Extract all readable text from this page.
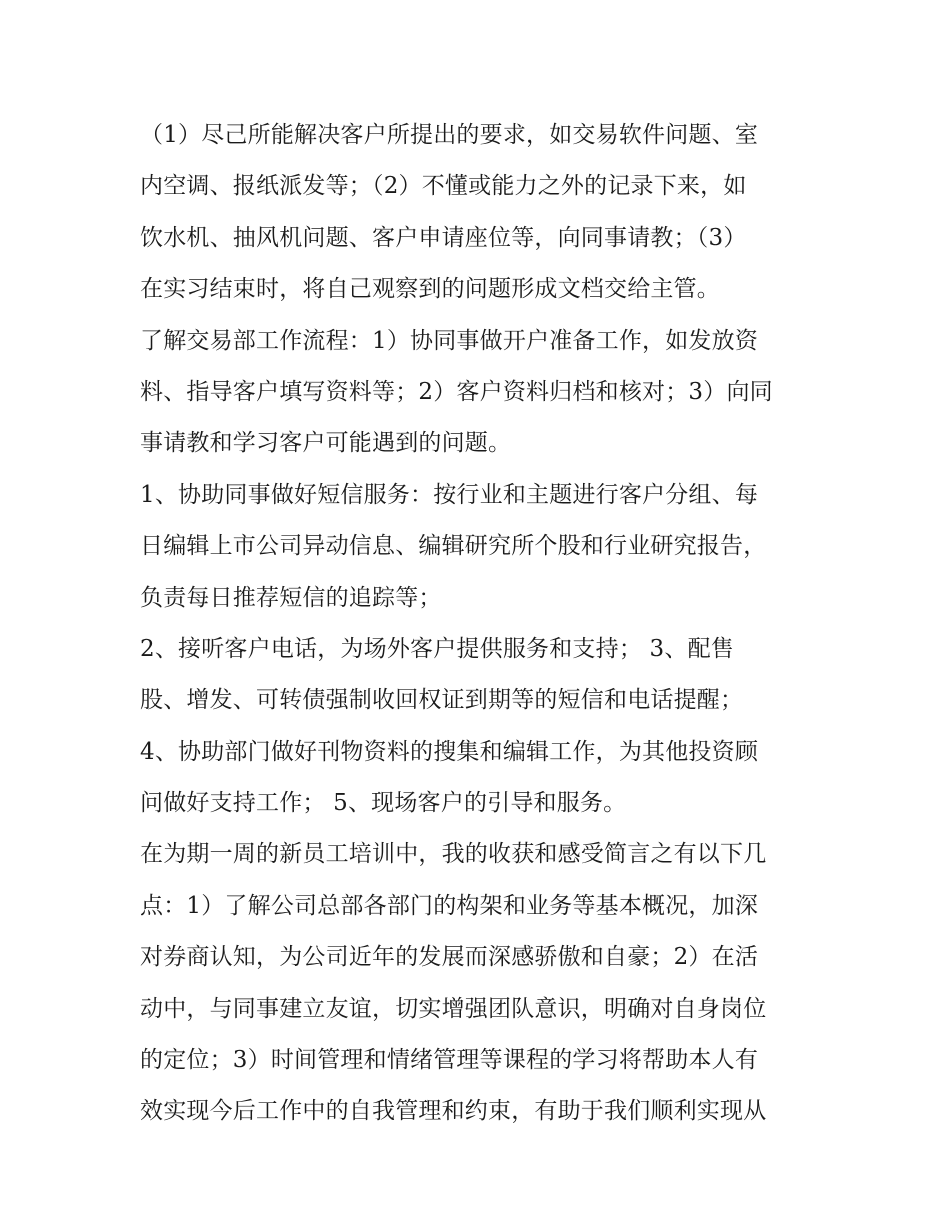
（1）尽己所能解决客户所提出的要求，如交易软件问题、室
内空调、报纸派发等；（2）不懂或能力之外的记录下来，如
饮水机、抽风机问题、客户申请座位等，向同事请教；（3）
在实习结束时，将自己观察到的问题形成文档交给主管。
了解交易部工作流程：1）协同事做开户准备工作，如发放资
料、指导客户填写资料等；2）客户资料归档和核对；3）向同
事请教和学习客户可能遇到的问题。
1、协助同事做好短信服务：按行业和主题进行客户分组、每
日编辑上市公司异动信息、编辑研究所个股和行业研究报告，
负责每日推荐短信的追踪等；
2、接听客户电话，为场外客户提供服务和支持； 3、配售
股、增发、可转债强制收回权证到期等的短信和电话提醒；
4、协助部门做好刊物资料的搜集和编辑工作，为其他投资顾
问做好支持工作； 5、现场客户的引导和服务。
在为期一周的新员工培训中，我的收获和感受简言之有以下几
点：1）了解公司总部各部门的构架和业务等基本概况，加深
对券商认知，为公司近年的发展而深感骄傲和自豪；2）在活
动中，与同事建立友谊，切实增强团队意识，明确对自身岗位
的定位；3）时间管理和情绪管理等课程的学习将帮助本人有
效实现今后工作中的自我管理和约束，有助于我们顺利实现从
